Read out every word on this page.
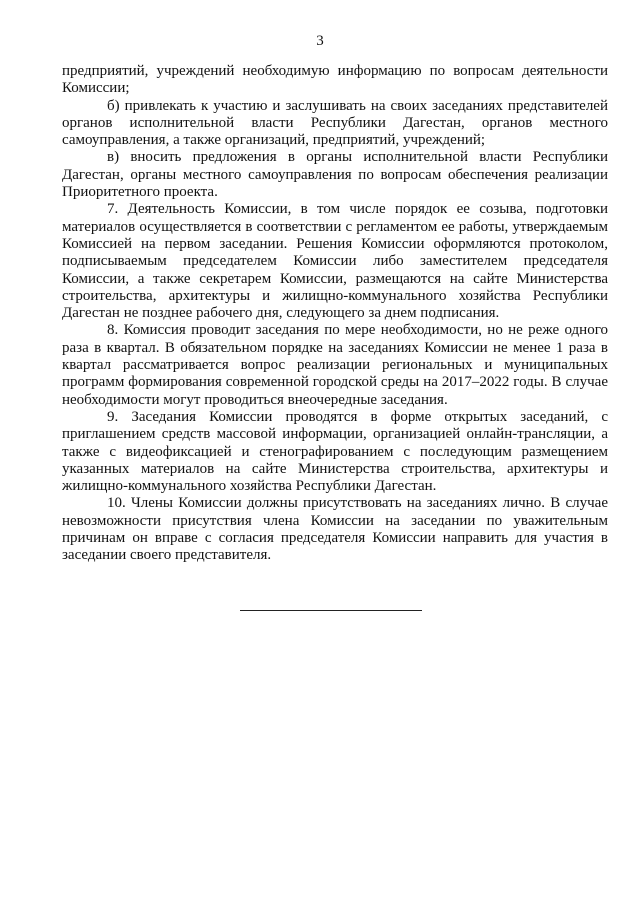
3

предприятий, учреждений необходимую информацию по вопросам деятельности Комиссии;

б) привлекать к участию и заслушивать на своих заседаниях представителей органов исполнительной власти Республики Дагестан, органов местного самоуправления, а также организаций, предприятий, учреждений;

в) вносить предложения в органы исполнительной власти Республики Дагестан, органы местного самоуправления по вопросам обеспечения реализации Приоритетного проекта.

7. Деятельность Комиссии, в том числе порядок ее созыва, подготовки материалов осуществляется в соответствии с регламентом ее работы, утверждаемым Комиссией на первом заседании. Решения Комиссии оформляются протоколом, подписываемым председателем Комиссии либо заместителем председателя Комиссии, а также секретарем Комиссии, размещаются на сайте Министерства строительства, архитектуры и жилищно-коммунального хозяйства Республики Дагестан не позднее рабочего дня, следующего за днем подписания.

8. Комиссия проводит заседания по мере необходимости, но не реже одного раза в квартал. В обязательном порядке на заседаниях Комиссии не менее 1 раза в квартал рассматривается вопрос реализации региональных и муниципальных программ формирования современной городской среды на 2017–2022 годы. В случае необходимости могут проводиться внеочередные заседания.

9. Заседания Комиссии проводятся в форме открытых заседаний, с приглашением средств массовой информации, организацией онлайн-трансляции, а также с видеофиксацией и стенографированием с последующим размещением указанных материалов на сайте Министерства строительства, архитектуры и жилищно-коммунального хозяйства Республики Дагестан.

10. Члены Комиссии должны присутствовать на заседаниях лично. В случае невозможности присутствия члена Комиссии на заседании по уважительным причинам он вправе с согласия председателя Комиссии направить для участия в заседании своего представителя.
